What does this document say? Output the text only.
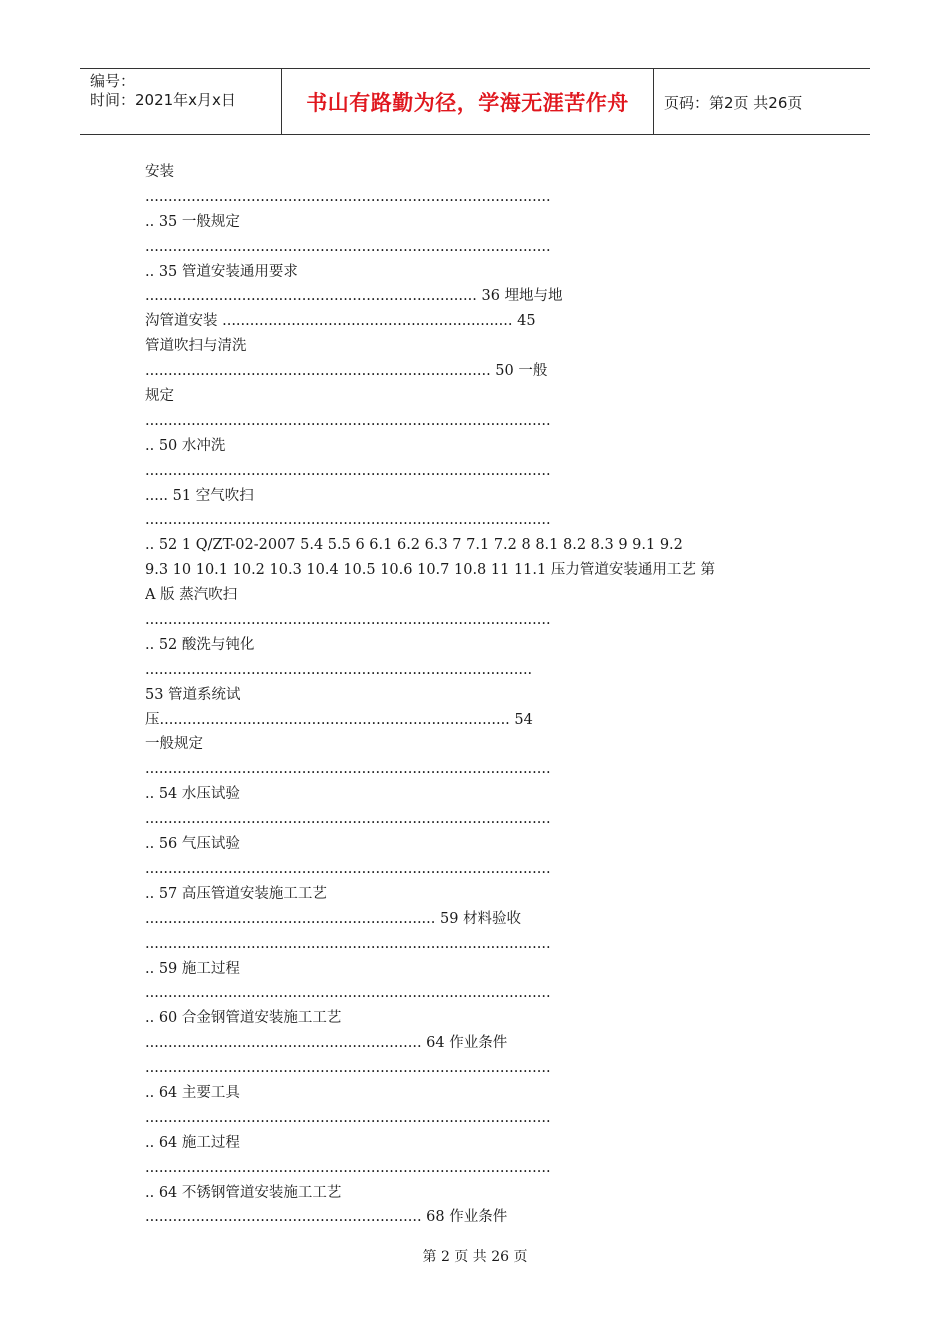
编号：
时间：2021年x月x日	书山有路勤为径，学海无涯苦作舟 页码：第2页 共26页
安装
........................................................................................
.. 35 一般规定
........................................................................................
.. 35 管道安装通用要求
........................................................................ 36 埋地与地
沟管道安装 ............................................................... 45
管道吹扫与清洗
........................................................................... 50 一般
规定
........................................................................................
.. 50 水冲洗
........................................................................................
..... 51 空气吹扫
........................................................................................
.. 52 1 Q/ZT-02-2007 5.4 5.5 6 6.1 6.2 6.3 7 7.1 7.2 8 8.1 8.2 8.3 9 9.1 9.2
9.3 10 10.1 10.2 10.3 10.4 10.5 10.6 10.7 10.8 11 11.1 压力管道安装通用工艺 第
A 版 蒸汽吹扫
........................................................................................
.. 52 酸洗与钝化
....................................................................................
53 管道系统试
压............................................................................ 54
一般规定
........................................................................................
.. 54 水压试验
........................................................................................
.. 56 气压试验
........................................................................................
.. 57 高压管道安装施工工艺
............................................................... 59 材料验收
........................................................................................
.. 59 施工过程
........................................................................................
.. 60 合金钢管道安装施工工艺
............................................................ 64 作业条件
........................................................................................
.. 64 主要工具
........................................................................................
.. 64 施工过程
........................................................................................
.. 64 不锈钢管道安装施工工艺
............................................................ 68 作业条件
第 2 页 共 26 页
